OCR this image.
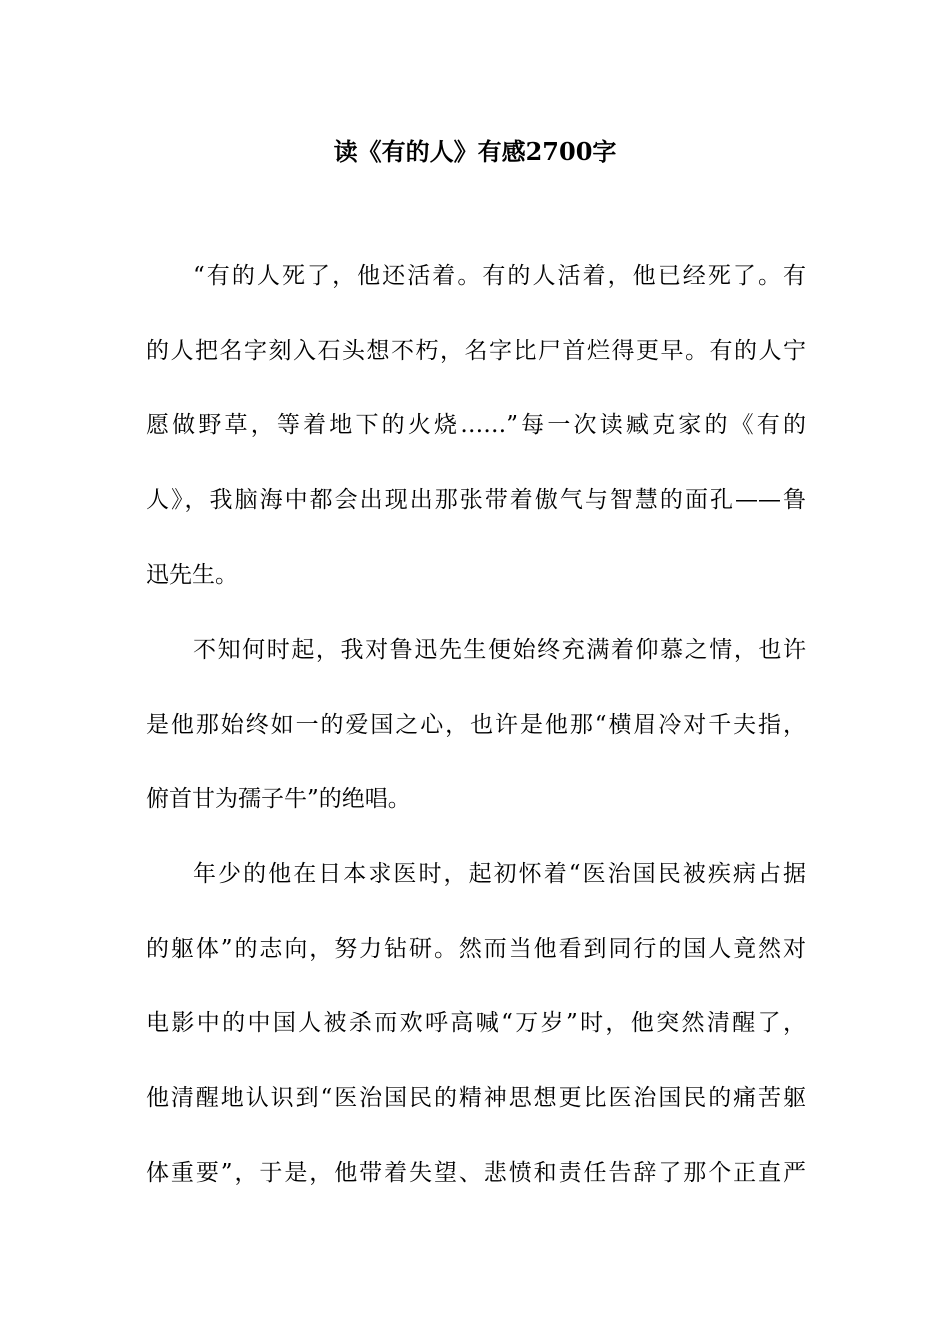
读《有的人》有感2700字
“有的人死了，他还活着。有的人活着，他已经死了。有
的人把名字刻入石头想不朽，名字比尸首烂得更早。有的人宁
愿做野草，等着地下的火烧……”每一次读臧克家的《有的
人》，我脑海中都会出现出那张带着傲气与智慧的面孔——鲁
迅先生。
不知何时起，我对鲁迅先生便始终充满着仰慕之情，也许
是他那始终如一的爱国之心，也许是他那“横眉冷对千夫指，
俯首甘为孺子牛”的绝唱。
年少的他在日本求医时，起初怀着“医治国民被疾病占据
的躯体”的志向，努力钻研。然而当他看到同行的国人竟然对
电影中的中国人被杀而欢呼高喊“万岁”时，他突然清醒了，
他清醒地认识到“医治国民的精神思想更比医治国民的痛苦躯
体重要”，于是，他带着失望、悲愤和责任告辞了那个正直严
